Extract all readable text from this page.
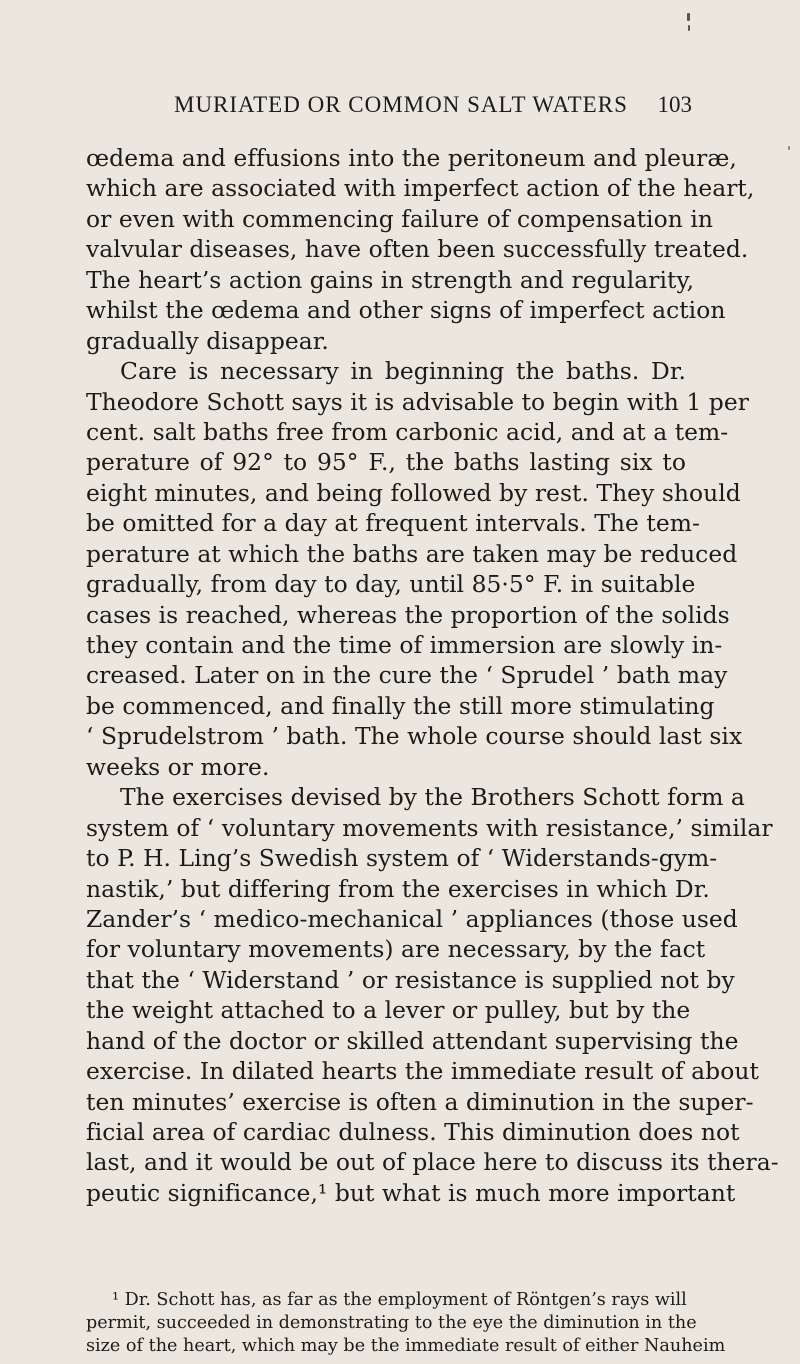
MURIATED OR COMMON SALT WATERS 103
œdema and effusions into the peritoneum and pleuræ,
which are associated with imperfect action of the heart,
or even with commencing failure of compensation in
valvular diseases, have often been successfully treated.
The heart’s action gains in strength and regularity,
whilst the œdema and other signs of imperfect action
gradually disappear.
Care is necessary in beginning the baths. Dr.
Theodore Schott says it is advisable to begin with 1 per
cent. salt baths free from carbonic acid, and at a tem-
perature of 92° to 95° F., the baths lasting six to
eight minutes, and being followed by rest. They should
be omitted for a day at frequent intervals. The tem-
perature at which the baths are taken may be reduced
gradually, from day to day, until 85·5° F. in suitable
cases is reached, whereas the proportion of the solids
they contain and the time of immersion are slowly in-
creased. Later on in the cure the ‘ Sprudel ’ bath may
be commenced, and finally the still more stimulating
‘ Sprudelstrom ’ bath. The whole course should last six
weeks or more.
The exercises devised by the Brothers Schott form a
system of ‘ voluntary movements with resistance,’ similar
to P. H. Ling’s Swedish system of ‘ Widerstands-gym-
nastik,’ but differing from the exercises in which Dr.
Zander’s ‘ medico-mechanical ’ appliances (those used
for voluntary movements) are necessary, by the fact
that the ‘ Widerstand ’ or resistance is supplied not by
the weight attached to a lever or pulley, but by the
hand of the doctor or skilled attendant supervising the
exercise. In dilated hearts the immediate result of about
ten minutes’ exercise is often a diminution in the super-
ficial area of cardiac dulness. This diminution does not
last, and it would be out of place here to discuss its thera-
peutic significance,¹ but what is much more important
¹ Dr. Schott has, as far as the employment of Röntgen’s rays will
permit, succeeded in demonstrating to the eye the diminution in the
size of the heart, which may be the immediate result of either Nauheim
